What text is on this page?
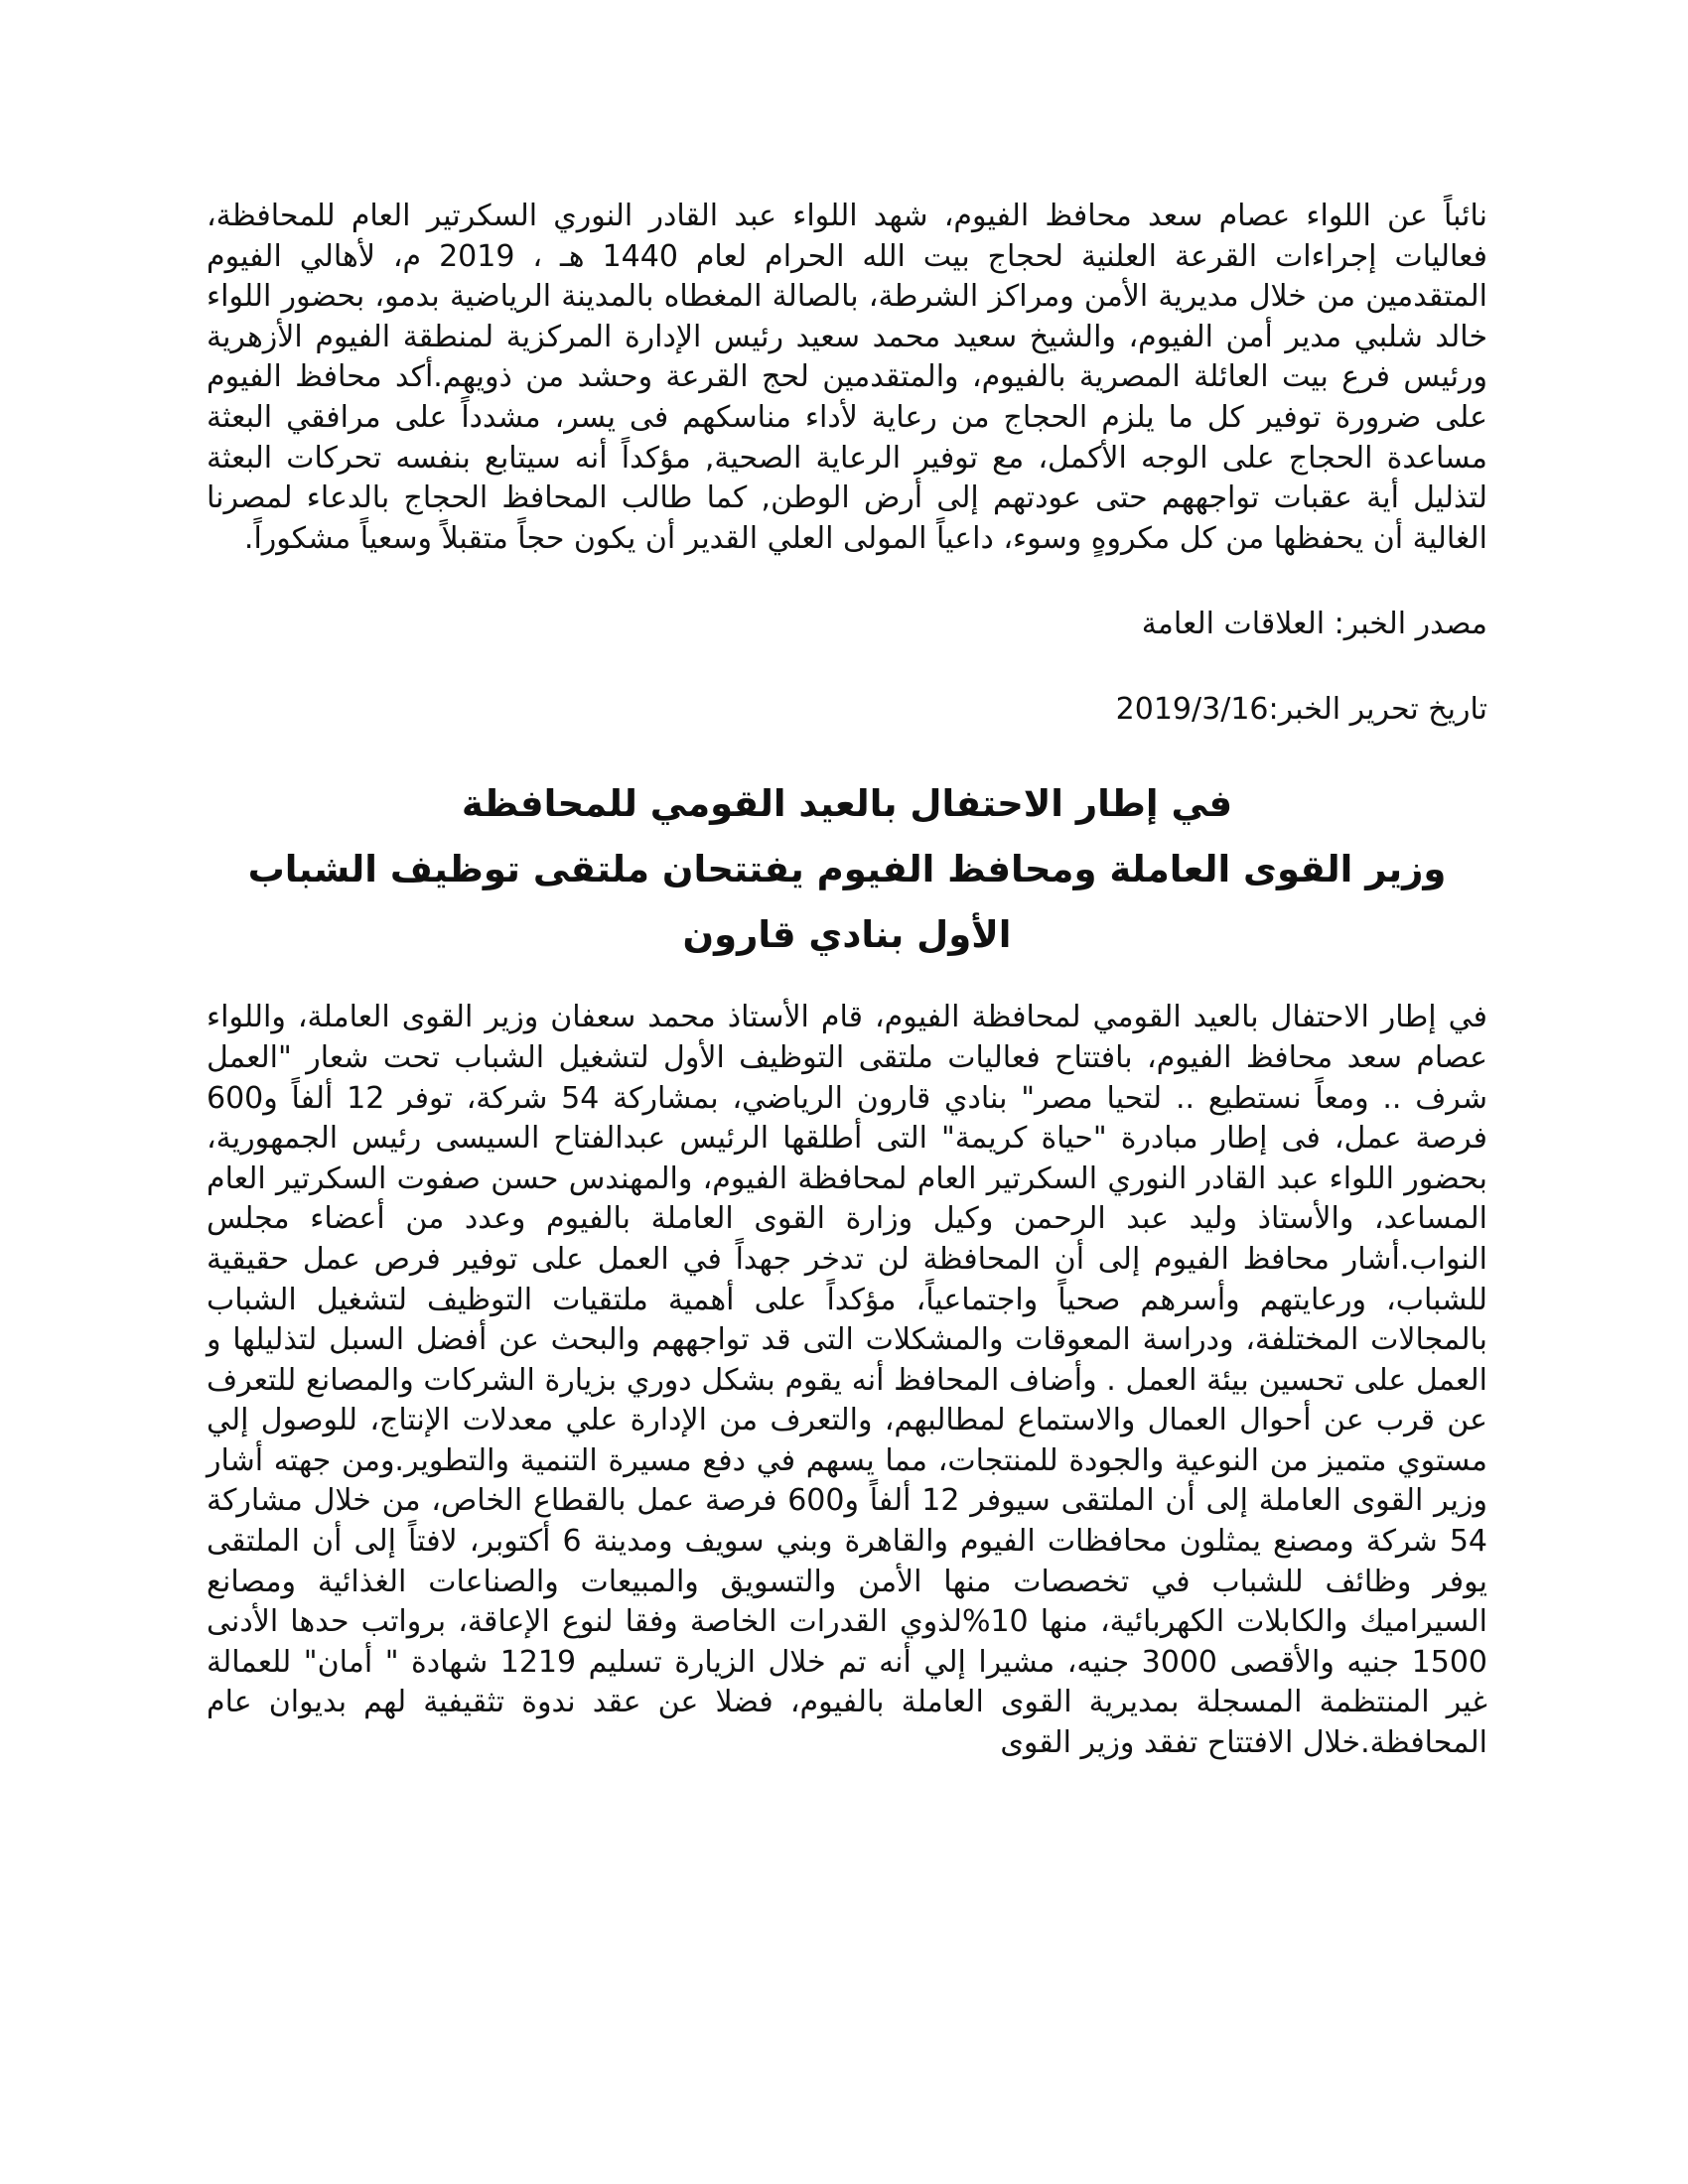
نائباً عن اللواء عصام سعد محافظ الفيوم، شهد اللواء عبد القادر النوري السكرتير العام للمحافظة، فعاليات إجراءات القرعة العلنية لحجاج بيت الله الحرام لعام 1440 هـ ، 2019 م، لأهالي الفيوم المتقدمين من خلال مديرية الأمن ومراكز الشرطة، بالصالة المغطاه بالمدينة الرياضية بدمو، بحضور اللواء خالد شلبي مدير أمن الفيوم، والشيخ سعيد محمد سعيد رئيس الإدارة المركزية لمنطقة الفيوم الأزهرية ورئيس فرع بيت العائلة المصرية بالفيوم، والمتقدمين لحج القرعة وحشد من ذويهم.أكد محافظ الفيوم على ضرورة توفير كل ما يلزم الحجاج من رعاية لأداء مناسكهم فى يسر، مشدداً على مرافقي البعثة مساعدة الحجاج على الوجه الأكمل، مع توفير الرعاية الصحية, مؤكداً أنه سيتابع بنفسه تحركات البعثة لتذليل أية عقبات تواجههم حتى عودتهم إلى أرض الوطن, كما طالب المحافظ الحجاج بالدعاء لمصرنا الغالية أن يحفظها من كل مكروهٍ وسوء، داعياً المولى العلي القدير أن يكون حجاً متقبلاً وسعياً مشكوراً.

مصدر الخبر: العلاقات العامة

تاريخ تحرير الخبر:2019/3/16

في إطار الاحتفال بالعيد القومي للمحافظة
وزير القوى العاملة ومحافظ الفيوم يفتتحان ملتقى توظيف الشباب الأول بنادي قارون

في إطار الاحتفال بالعيد القومي لمحافظة الفيوم، قام الأستاذ محمد سعفان وزير القوى العاملة، واللواء عصام سعد محافظ الفيوم، بافتتاح فعاليات ملتقى التوظيف الأول لتشغيل الشباب تحت شعار "العمل شرف .. ومعاً نستطيع .. لتحيا مصر" بنادي قارون الرياضي، بمشاركة 54 شركة، توفر 12 ألفاً و600 فرصة عمل، فى إطار مبادرة "حياة كريمة" التى أطلقها الرئيس عبدالفتاح السيسى رئيس الجمهورية، بحضور اللواء عبد القادر النوري السكرتير العام لمحافظة الفيوم، والمهندس حسن صفوت السكرتير العام المساعد، والأستاذ وليد عبد الرحمن وكيل وزارة القوى العاملة بالفيوم وعدد من أعضاء مجلس النواب.أشار محافظ الفيوم إلى أن المحافظة لن تدخر جهداً في العمل على توفير فرص عمل حقيقية للشباب، ورعايتهم وأسرهم صحياً واجتماعياً، مؤكداً على أهمية ملتقيات التوظيف لتشغيل الشباب بالمجالات المختلفة، ودراسة المعوقات والمشكلات التى قد تواجههم والبحث عن أفضل السبل لتذليلها و العمل على تحسين بيئة العمل . وأضاف المحافظ أنه يقوم بشكل دوري بزيارة الشركات والمصانع للتعرف عن قرب عن أحوال العمال والاستماع لمطالبهم، والتعرف من الإدارة علي معدلات الإنتاج، للوصول إلي مستوي متميز من النوعية والجودة للمنتجات، مما يسهم في دفع مسيرة التنمية والتطوير.ومن جهته أشار وزير القوى العاملة إلى أن الملتقى سيوفر 12 ألفاً و600 فرصة عمل بالقطاع الخاص، من خلال مشاركة 54 شركة ومصنع يمثلون محافظات الفيوم والقاهرة وبني سويف ومدينة 6 أكتوبر، لافتاً إلى أن الملتقى يوفر وظائف للشباب في تخصصات منها الأمن والتسويق والمبيعات والصناعات الغذائية ومصانع السيراميك والكابلات الكهربائية، منها 10%لذوي القدرات الخاصة وفقا لنوع الإعاقة، برواتب حدها الأدنى 1500 جنيه والأقصى 3000 جنيه، مشيرا إلي أنه تم خلال الزيارة تسليم 1219 شهادة " أمان" للعمالة غير المنتظمة المسجلة بمديرية القوى العاملة بالفيوم، فضلا عن عقد ندوة تثقيفية لهم بديوان عام المحافظة.خلال الافتتاح تفقد وزير القوى
